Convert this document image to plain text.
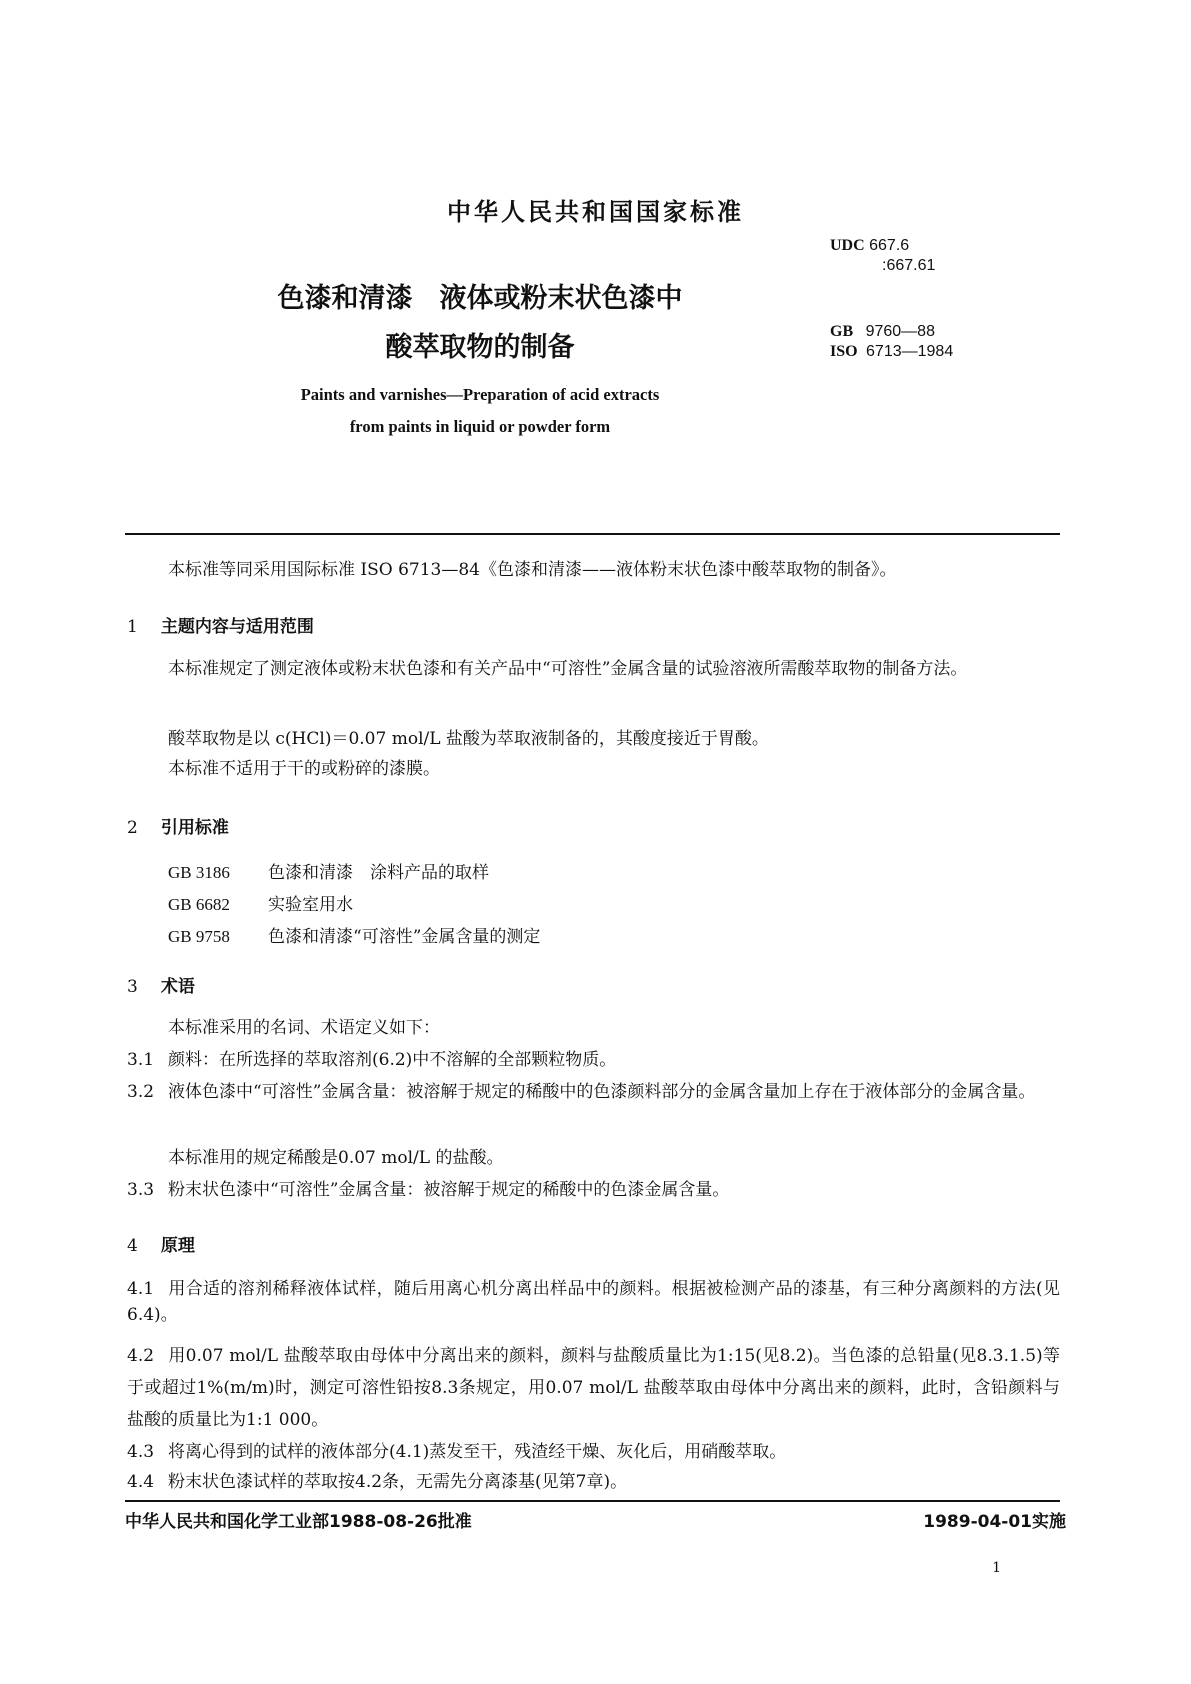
中华人民共和国国家标准
色漆和清漆　液体或粉末状色漆中
酸萃取物的制备
Paints and varnishes—Preparation of acid extracts
from paints in liquid or powder form
UDC 667.6
:667.61
GB 9760—88
ISO 6713—1984
本标准等同采用国际标准 ISO 6713—84《色漆和清漆——液体粉末状色漆中酸萃取物的制备》。
1 主题内容与适用范围
本标准规定了测定液体或粉末状色漆和有关产品中“可溶性”金属含量的试验溶液所需酸萃取物的制备方法。
酸萃取物是以 c(HCl)＝0.07 mol/L 盐酸为萃取液制备的，其酸度接近于胃酸。
本标准不适用于干的或粉碎的漆膜。
2 引用标准
GB 3186 色漆和清漆　涂料产品的取样
GB 6682 实验室用水
GB 9758 色漆和清漆“可溶性”金属含量的测定
3 术语
本标准采用的名词、术语定义如下：
3.1 颜料：在所选择的萃取溶剂(6.2)中不溶解的全部颗粒物质。
3.2 液体色漆中“可溶性”金属含量：被溶解于规定的稀酸中的色漆颜料部分的金属含量加上存在于液体部分的金属含量。
本标准用的规定稀酸是0.07 mol/L 的盐酸。
3.3 粉末状色漆中“可溶性”金属含量：被溶解于规定的稀酸中的色漆金属含量。
4 原理
4.1 用合适的溶剂稀释液体试样，随后用离心机分离出样品中的颜料。根据被检测产品的漆基，有三种分离颜料的方法(见6.4)。
4.2 用0.07 mol/L 盐酸萃取由母体中分离出来的颜料，颜料与盐酸质量比为1:15(见8.2)。当色漆的总铅量(见8.3.1.5)等于或超过1%(m/m)时，测定可溶性铅按8.3条规定，用0.07 mol/L 盐酸萃取由母体中分离出来的颜料，此时，含铅颜料与盐酸的质量比为1:1 000。
4.3 将离心得到的试样的液体部分(4.1)蒸发至干，残渣经干燥、灰化后，用硝酸萃取。
4.4 粉末状色漆试样的萃取按4.2条，无需先分离漆基(见第7章)。
中华人民共和国化学工业部1988-08-26批准	1989-04-01实施
1
